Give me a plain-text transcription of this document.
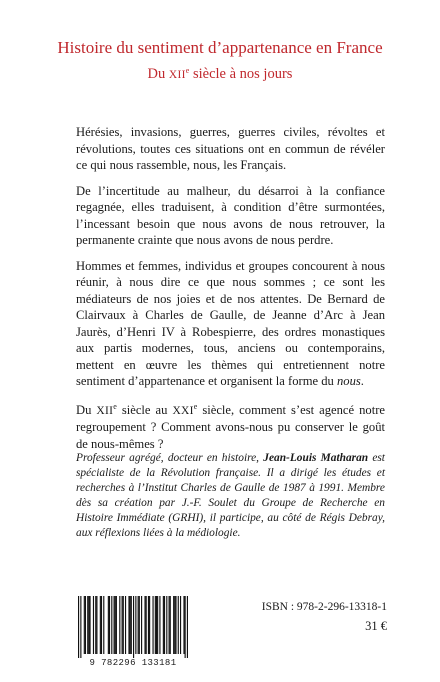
Histoire du sentiment d’appartenance en France
Du XIIe siècle à nos jours

Hérésies, invasions, guerres, guerres civiles, révoltes et révolutions, toutes ces situations ont en commun de révéler ce qui nous rassemble, nous, les Français.

De l’incertitude au malheur, du désarroi à la confiance regagnée, elles traduisent, à condition d’être surmontées, l’incessant besoin que nous avons de nous retrouver, la permanente crainte que nous avons de nous perdre.

Hommes et femmes, individus et groupes concourent à nous réunir, à nous dire ce que nous sommes ; ce sont les médiateurs de nos joies et de nos attentes. De Bernard de Clairvaux à Charles de Gaulle, de Jeanne d’Arc à Jean Jaurès, d’Henri IV à Robespierre, des ordres monastiques aux partis modernes, tous, anciens ou contemporains, mettent en œuvre les thèmes qui entretiennent notre sentiment d’appartenance et organisent la forme du nous.

Du XIIe siècle au XXIe siècle, comment s’est agencé notre regroupement ? Comment avons-nous pu conserver le goût de nous-mêmes ?

Professeur agrégé, docteur en histoire, Jean-Louis Matharan est spécialiste de la Révolution française. Il a dirigé les études et recherches à l’Institut Charles de Gaulle de 1987 à 1991. Membre dès sa création par J.-F. Soulet du Groupe de Recherche en Histoire Immédiate (GRHI), il participe, au côté de Régis Debray, aux réflexions liées à la médiologie.
9 782296 133181
ISBN : 978-2-296-13318-1
31 €
